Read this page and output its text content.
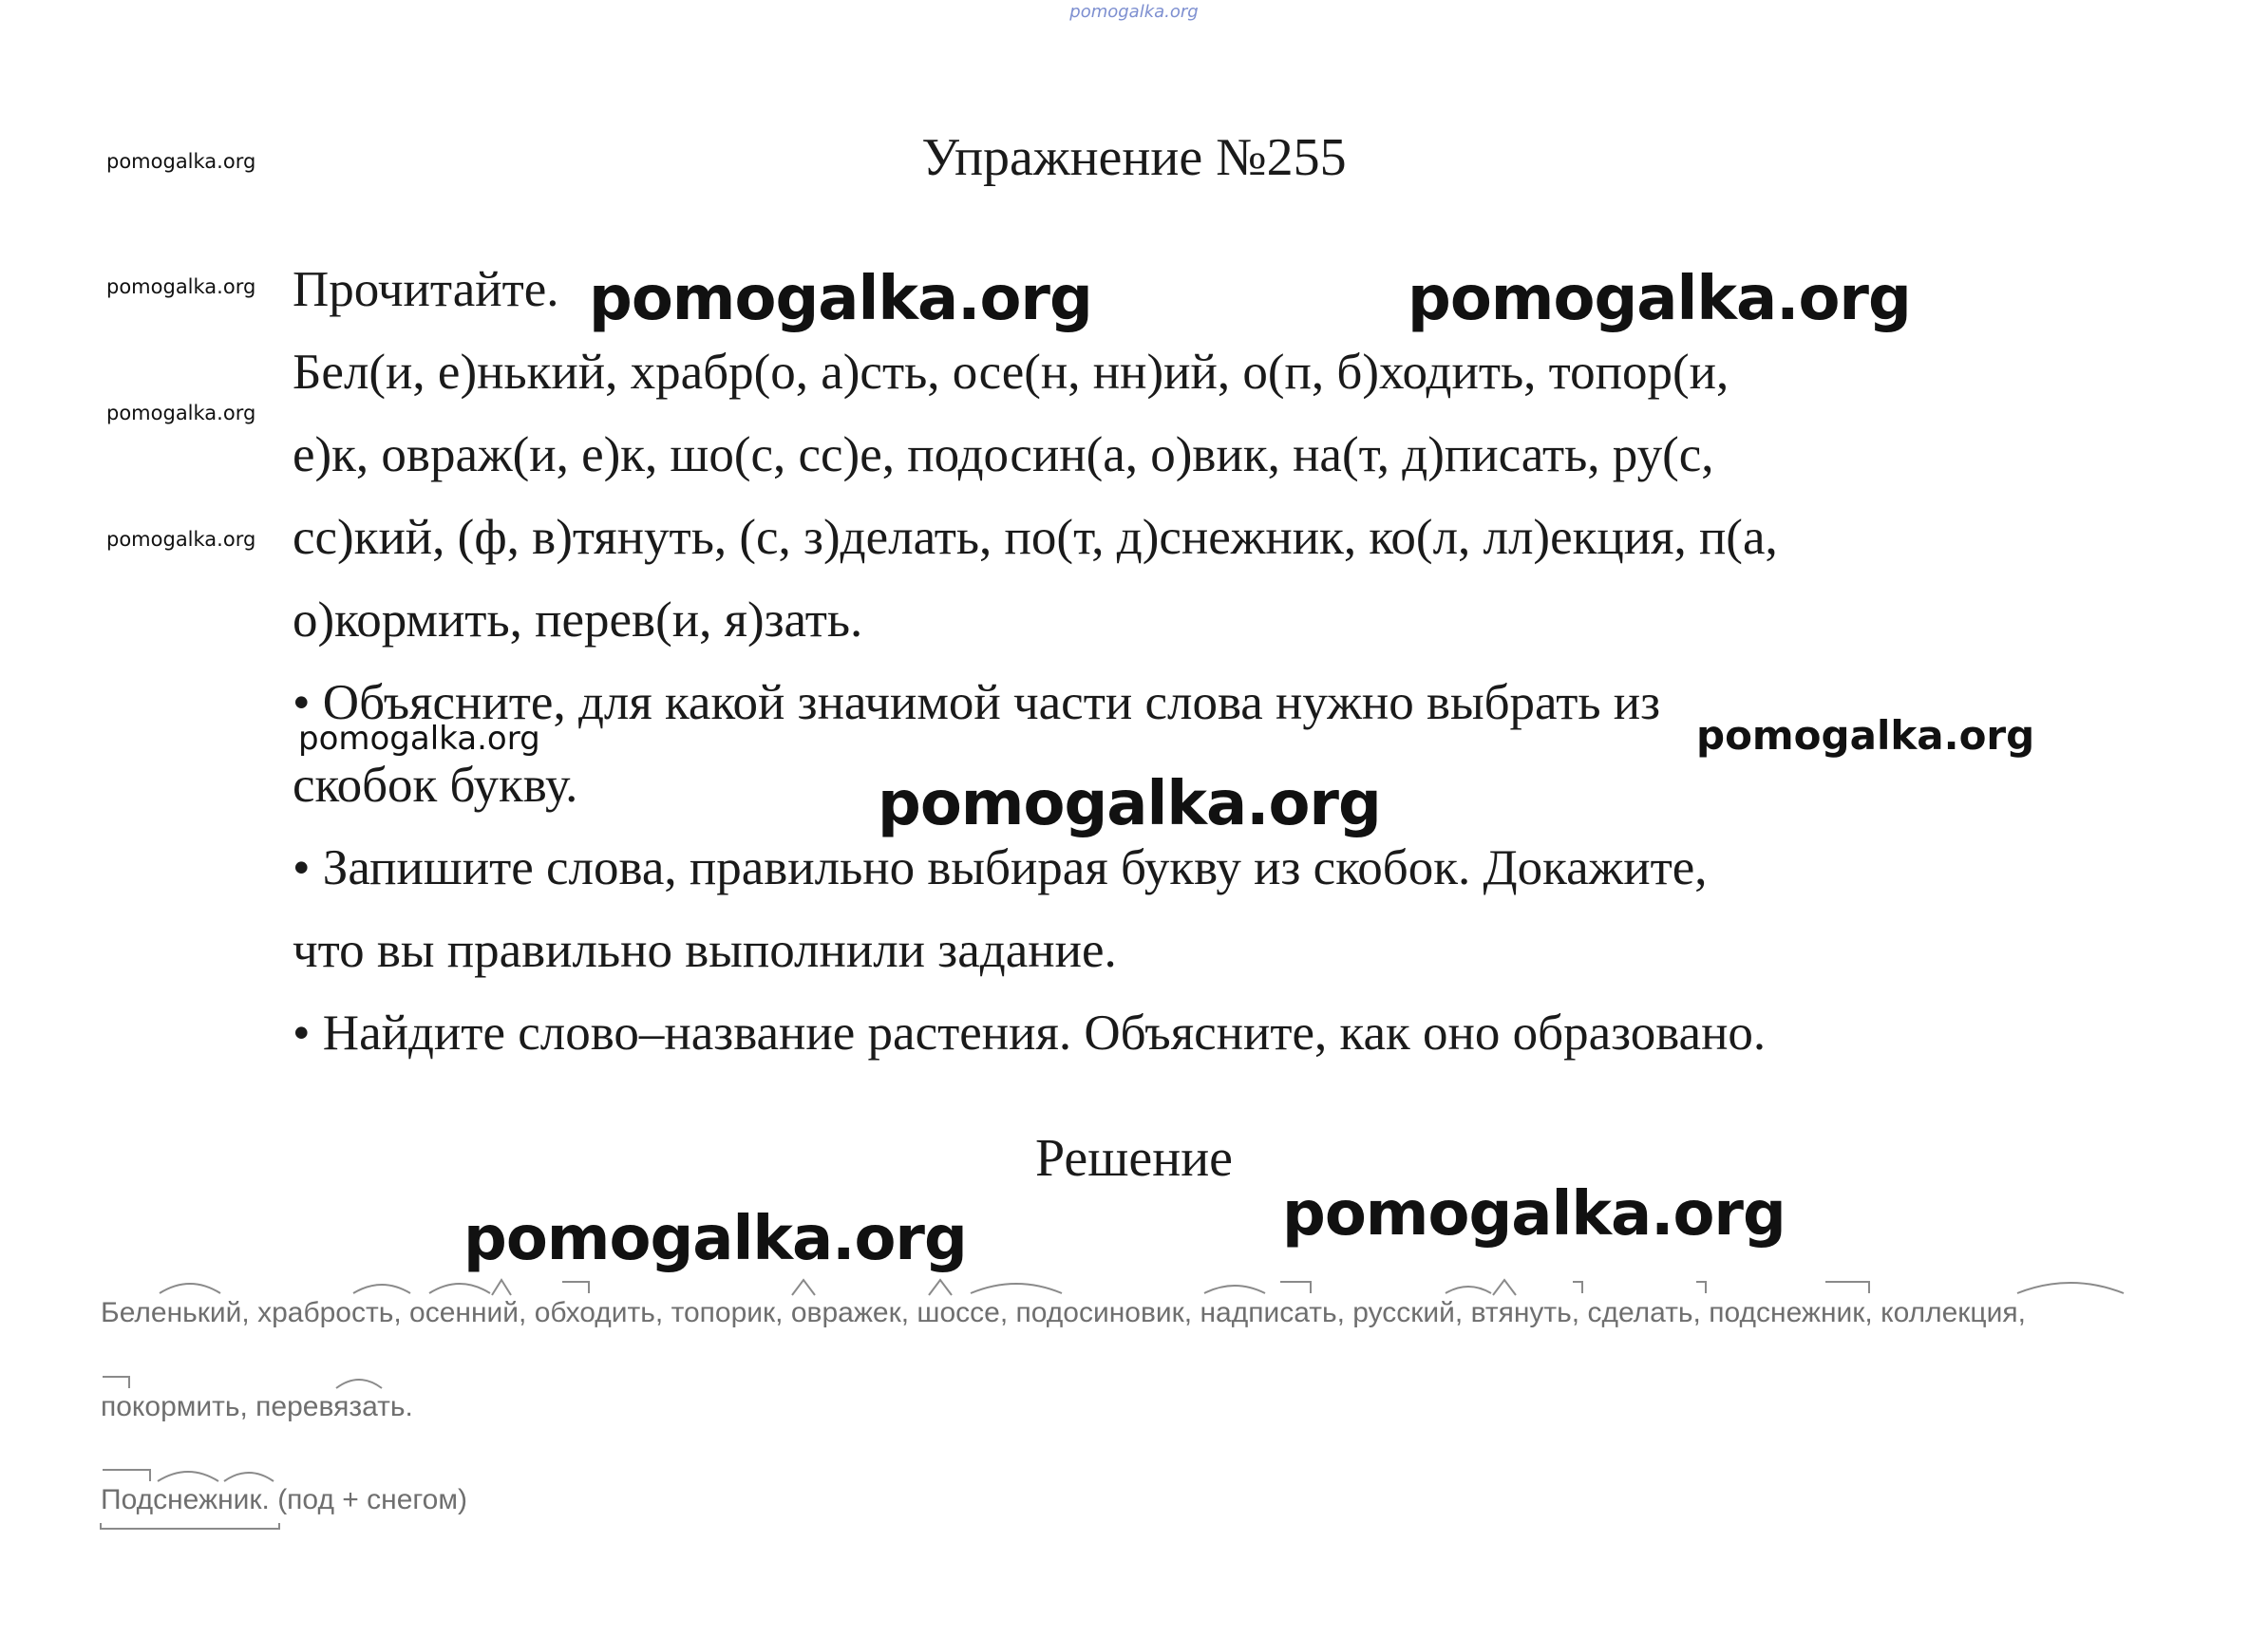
pomogalka.org
pomogalka.org
pomogalka.org
pomogalka.org
pomogalka.org
Упражнение №255
Прочитайте.
Бел(и, е)нький, храбр(о, а)сть, осе(н, нн)ий, о(п, б)ходить, топор(и,
е)к, овраж(и, е)к, шо(с, сс)е, подосин(а, о)вик, на(т, д)писать, ру(с,
сс)кий, (ф, в)тянуть, (с, з)делать, по(т, д)снежник, ко(л, лл)екция, п(а,
о)кормить, перев(и, я)зать.
• Объясните, для какой значимой части слова нужно выбрать из
скобок букву.
• Запишите слова, правильно выбирая букву из скобок. Докажите,
что вы правильно выполнили задание.
• Найдите слово–название растения. Объясните, как оно образовано.
pomogalka.org	pomogalka.org
pomogalka.org
pomogalka.org
pomogalka.org
pomogalka.org	pomogalka.org
Решение
Беленький, храбрость, осенний, обходить, топорик, овражек, шоссе, подосиновик, надписать, русский, втянуть, сделать, подснежник, коллекция,
покормить, перевязать.
Подснежник. (под + снегом)
